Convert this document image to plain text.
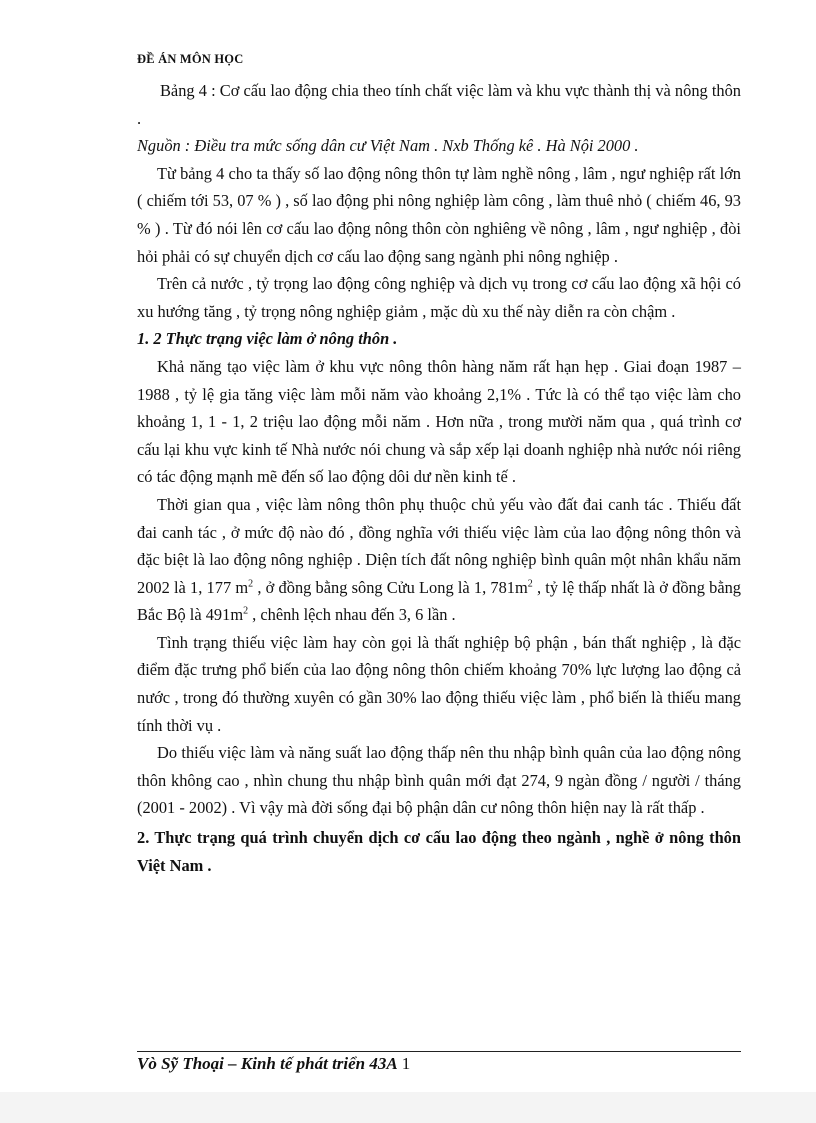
ĐỀ ÁN MÔN HỌC

Bảng 4 : Cơ cấu lao động chia theo tính chất việc làm và khu vực thành thị và nông thôn .

Nguồn : Điều tra mức sống dân cư Việt Nam . Nxb Thống kê . Hà Nội 2000 .

Từ bảng 4 cho ta thấy số lao động nông thôn tự làm nghề nông , lâm , ngư nghiệp rất lớn ( chiếm tới 53, 07 % ) , số lao động phi nông nghiệp làm công , làm thuê nhỏ ( chiếm 46, 93 % ) . Từ đó nói lên cơ cấu lao động nông thôn còn nghiêng về nông , lâm , ngư nghiệp , đòi hỏi phải có sự chuyển dịch cơ cấu lao động sang ngành phi nông nghiệp .

Trên cả nước , tỷ trọng lao động công nghiệp và dịch vụ trong cơ cấu lao động xã hội có xu hướng tăng , tỷ trọng nông nghiệp giảm , mặc dù xu thế này diễn ra còn chậm .

1. 2 Thực trạng việc làm ở nông thôn .

Khả năng tạo việc làm ở khu vực nông thôn hàng năm rất hạn hẹp . Giai đoạn 1987 – 1988 , tỷ lệ gia tăng việc làm mỗi năm vào khoảng 2,1% . Tức là có thể tạo việc làm cho khoảng 1, 1 - 1, 2 triệu lao động mỗi năm . Hơn nữa , trong mười năm qua , quá trình cơ cấu lại khu vực kinh tế Nhà nước nói chung và sắp xếp lại doanh nghiệp nhà nước nói riêng có tác động mạnh mẽ đến số lao động dôi dư nền kinh tế .

Thời gian qua , việc làm nông thôn phụ thuộc chủ yếu vào đất đai canh tác . Thiếu đất đai canh tác , ở mức độ nào đó , đồng nghĩa với thiếu việc làm của lao động nông thôn và đặc biệt là lao động nông nghiệp . Diện tích đất nông nghiệp bình quân một nhân khẩu năm 2002 là 1, 177 $m^2$ , ở đồng bằng sông Cửu Long là 1, $781m^2$ , tỷ lệ thấp nhất là ở đồng bằng Bắc Bộ là $491m^2$ , chênh lệch nhau đến 3, 6 lần .

Tình trạng thiếu việc làm hay còn gọi là thất nghiệp bộ phận , bán thất nghiệp , là đặc điểm đặc trưng phổ biến của lao động nông thôn chiếm khoảng 70% lực lượng lao động cả nước , trong đó thường xuyên có gần 30% lao động thiếu việc làm , phổ biến là thiếu mang tính thời vụ .

Do thiếu việc làm và năng suất lao động thấp nên thu nhập bình quân của lao động nông thôn không cao , nhìn chung thu nhập bình quân mới đạt 274, 9 ngàn đồng / người / tháng (2001 - 2002) . Vì vậy mà đời sống đại bộ phận dân cư nông thôn hiện nay là rất thấp .

2. Thực trạng quá trình chuyển dịch cơ cấu lao động theo ngành , nghề ở nông thôn Việt Nam .

Vò Sỹ Thoại – Kinh tế phát triển 43A 1
